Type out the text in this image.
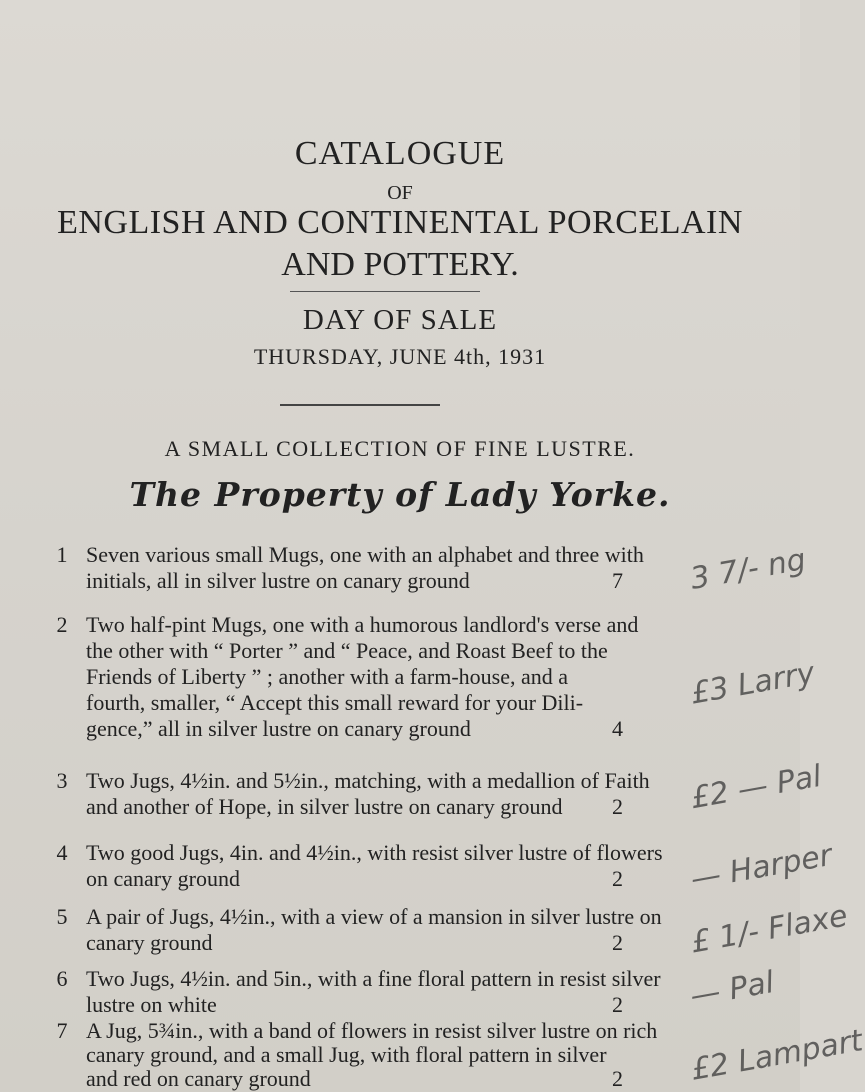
CATALOGUE
OF
ENGLISH AND CONTINENTAL PORCELAIN
AND POTTERY.
DAY OF SALE
THURSDAY, JUNE 4th, 1931
A SMALL COLLECTION OF FINE LUSTRE.
The Property of Lady Yorke.
1 Seven various small Mugs, one with an alphabet and three with
initials, all in silver lustre on canary ground	7 3 7/- ng
2 Two half-pint Mugs, one with a humorous landlord's verse and
the other with “ Porter ” and “ Peace, and Roast Beef to the
Friends of Liberty ” ; another with a farm-house, and a
fourth, smaller, “ Accept this small reward for your Dili-
gence,” all in silver lustre on canary ground	4
£3 Larry
3 Two Jugs, 4½in. and 5½in., matching, with a medallion of Faith
and another of Hope, in silver lustre on canary ground 2 £2 — Pal
4 Two good Jugs, 4in. and 4½in., with resist silver lustre of flowers
on canary ground	2 — Harper
5 A pair of Jugs, 4½in., with a view of a mansion in silver lustre on
canary ground	2 £ 1/- Flaxe
6 Two Jugs, 4½in. and 5in., with a fine floral pattern in resist silver
lustre on white	2 — Pal
7 A Jug, 5¾in., with a band of flowers in resist silver lustre on rich
canary ground, and a small Jug, with floral pattern in silver
and red on canary ground	2 £2 Lampart
